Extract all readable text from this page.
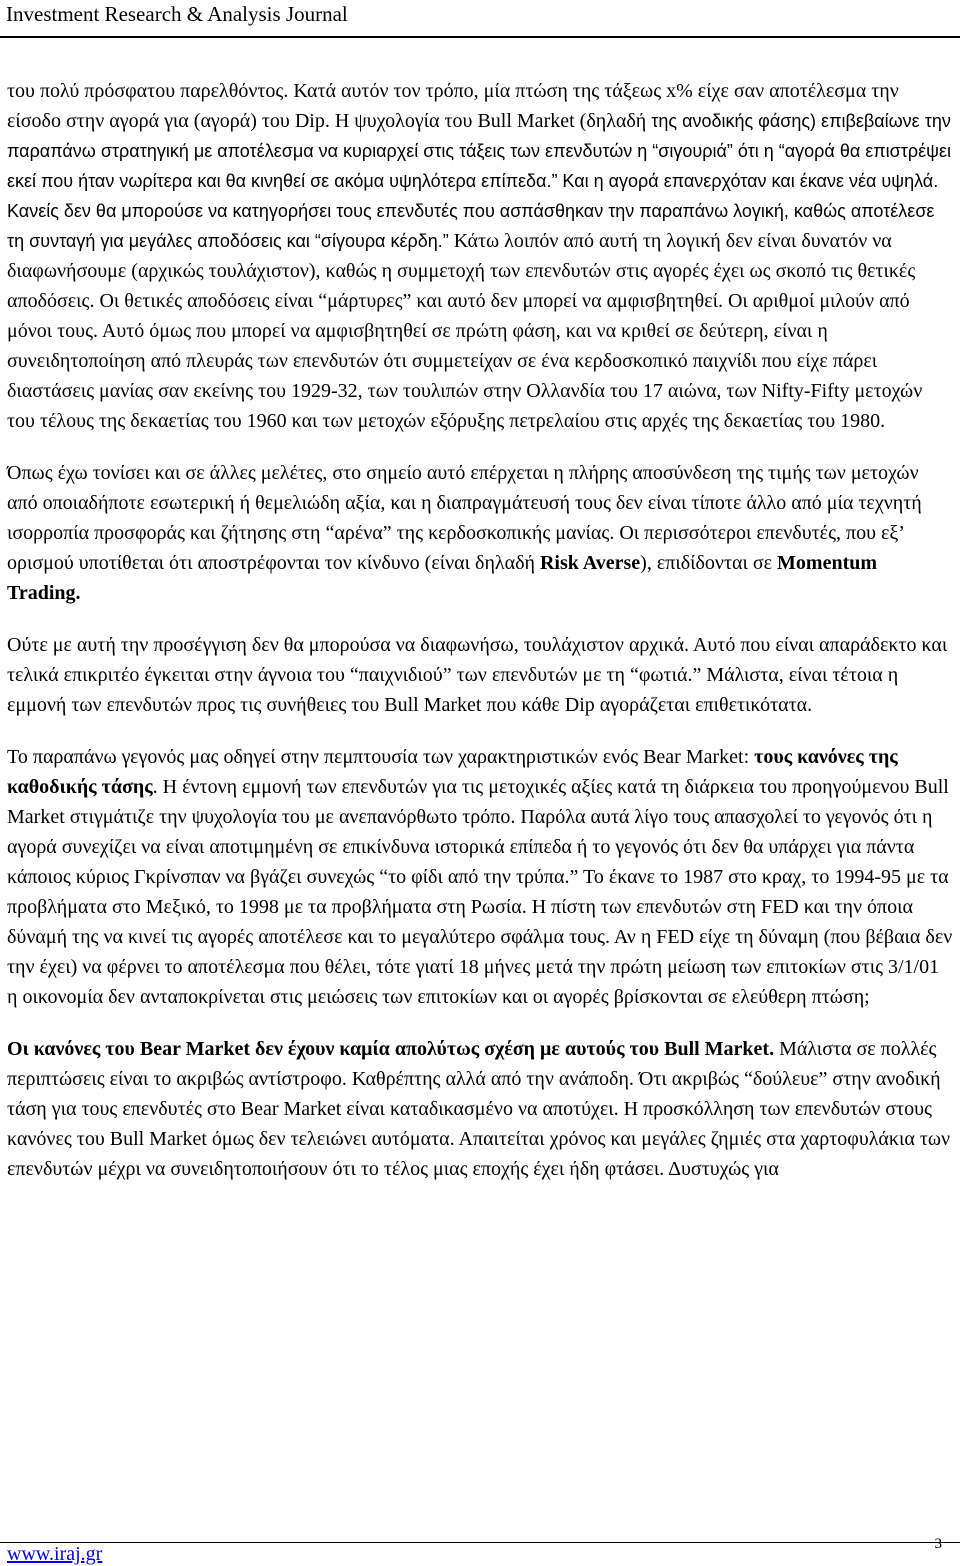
Investment Research & Analysis Journal

του πολύ πρόσφατου παρελθόντος. Κατά αυτόν τον τρόπο, μία πτώση της τάξεως x% είχε σαν αποτέλεσμα την είσοδο στην αγορά για (αγορά) του Dip. Η ψυχολογία του Bull Market (δηλαδή της ανοδικής φάσης) επιβεβαίωνε την παραπάνω στρατηγική με αποτέλεσμα να κυριαρχεί στις τάξεις των επενδυτών η “σιγουριά” ότι η “αγορά θα επιστρέψει εκεί που ήταν νωρίτερα και θα κινηθεί σε ακόμα υψηλότερα επίπεδα.” Και η αγορά επανερχόταν και έκανε νέα υψηλά. Κανείς δεν θα μπορούσε να κατηγορήσει τους επενδυτές που ασπάσθηκαν την παραπάνω λογική, καθώς αποτέλεσε τη συνταγή για μεγάλες αποδόσεις και “σίγουρα κέρδη.” Κάτω λοιπόν από αυτή τη λογική δεν είναι δυνατόν να διαφωνήσουμε (αρχικώς τουλάχιστον), καθώς η συμμετοχή των επενδυτών στις αγορές έχει ως σκοπό τις θετικές αποδόσεις. Οι θετικές αποδόσεις είναι “μάρτυρες” και αυτό δεν μπορεί να αμφισβητηθεί. Οι αριθμοί μιλούν από μόνοι τους. Αυτό όμως που μπορεί να αμφισβητηθεί σε πρώτη φάση, και να κριθεί σε δεύτερη, είναι η συνειδητοποίηση από πλευράς των επενδυτών ότι συμμετείχαν σε ένα κερδοσκοπικό παιχνίδι που είχε πάρει διαστάσεις μανίας σαν εκείνης του 1929-32, των τουλιπών στην Ολλανδία του 17 αιώνα, των Nifty-Fifty μετοχών του τέλους της δεκαετίας του 1960 και των μετοχών εξόρυξης πετρελαίου στις αρχές της δεκαετίας του 1980.

Όπως έχω τονίσει και σε άλλες μελέτες, στο σημείο αυτό επέρχεται η πλήρης αποσύνδεση της τιμής των μετοχών από οποιαδήποτε εσωτερική ή θεμελιώδη αξία, και η διαπραγμάτευσή τους δεν είναι τίποτε άλλο από μία τεχνητή ισορροπία προσφοράς και ζήτησης στη “αρένα” της κερδοσκοπικής μανίας. Οι περισσότεροι επενδυτές, που εξ’ ορισμού υποτίθεται ότι αποστρέφονται τον κίνδυνο (είναι δηλαδή Risk Averse), επιδίδονται σε Momentum Trading.

Ούτε με αυτή την προσέγγιση δεν θα μπορούσα να διαφωνήσω, τουλάχιστον αρχικά. Αυτό που είναι απαράδεκτο και τελικά επικριτέο έγκειται στην άγνοια του “παιχνιδιού” των επενδυτών με τη “φωτιά.” Μάλιστα, είναι τέτοια η εμμονή των επενδυτών προς τις συνήθειες του Bull Market που κάθε Dip αγοράζεται επιθετικότατα.

Το παραπάνω γεγονός μας οδηγεί στην πεμπτουσία των χαρακτηριστικών ενός Bear Market: τους κανόνες της καθοδικής τάσης. Η έντονη εμμονή των επενδυτών για τις μετοχικές αξίες κατά τη διάρκεια του προηγούμενου Bull Market στιγμάτιζε την ψυχολογία του με ανεπανόρθωτο τρόπο. Παρόλα αυτά λίγο τους απασχολεί το γεγονός ότι η αγορά συνεχίζει να είναι αποτιμημένη σε επικίνδυνα ιστορικά επίπεδα ή το γεγονός ότι δεν θα υπάρχει για πάντα κάποιος κύριος Γκρίνσπαν να βγάζει συνεχώς “το φίδι από την τρύπα.” Το έκανε το 1987 στο κραχ, το 1994-95 με τα προβλήματα στο Μεξικό, το 1998 με τα προβλήματα στη Ρωσία. Η πίστη των επενδυτών στη FED και την όποια δύναμή της να κινεί τις αγορές αποτέλεσε και το μεγαλύτερο σφάλμα τους. Αν η FED είχε τη δύναμη (που βέβαια δεν την έχει) να φέρνει το αποτέλεσμα που θέλει, τότε γιατί 18 μήνες μετά την πρώτη μείωση των επιτοκίων στις 3/1/01 η οικονομία δεν ανταποκρίνεται στις μειώσεις των επιτοκίων και οι αγορές βρίσκονται σε ελεύθερη πτώση;

Οι κανόνες του Bear Market δεν έχουν καμία απολύτως σχέση με αυτούς του Bull Market. Μάλιστα σε πολλές περιπτώσεις είναι το ακριβώς αντίστροφο. Καθρέπτης αλλά από την ανάποδη. Ότι ακριβώς “δούλευε” στην ανοδική τάση για τους επενδυτές στο Bear Market είναι καταδικασμένο να αποτύχει. Η προσκόλληση των επενδυτών στους κανόνες του Bull Market όμως δεν τελειώνει αυτόματα. Απαιτείται χρόνος και μεγάλες ζημιές στα χαρτοφυλάκια των επενδυτών μέχρι να συνειδητοποιήσουν ότι το τέλος μιας εποχής έχει ήδη φτάσει. Δυστυχώς για

www.iraj.gr	3
